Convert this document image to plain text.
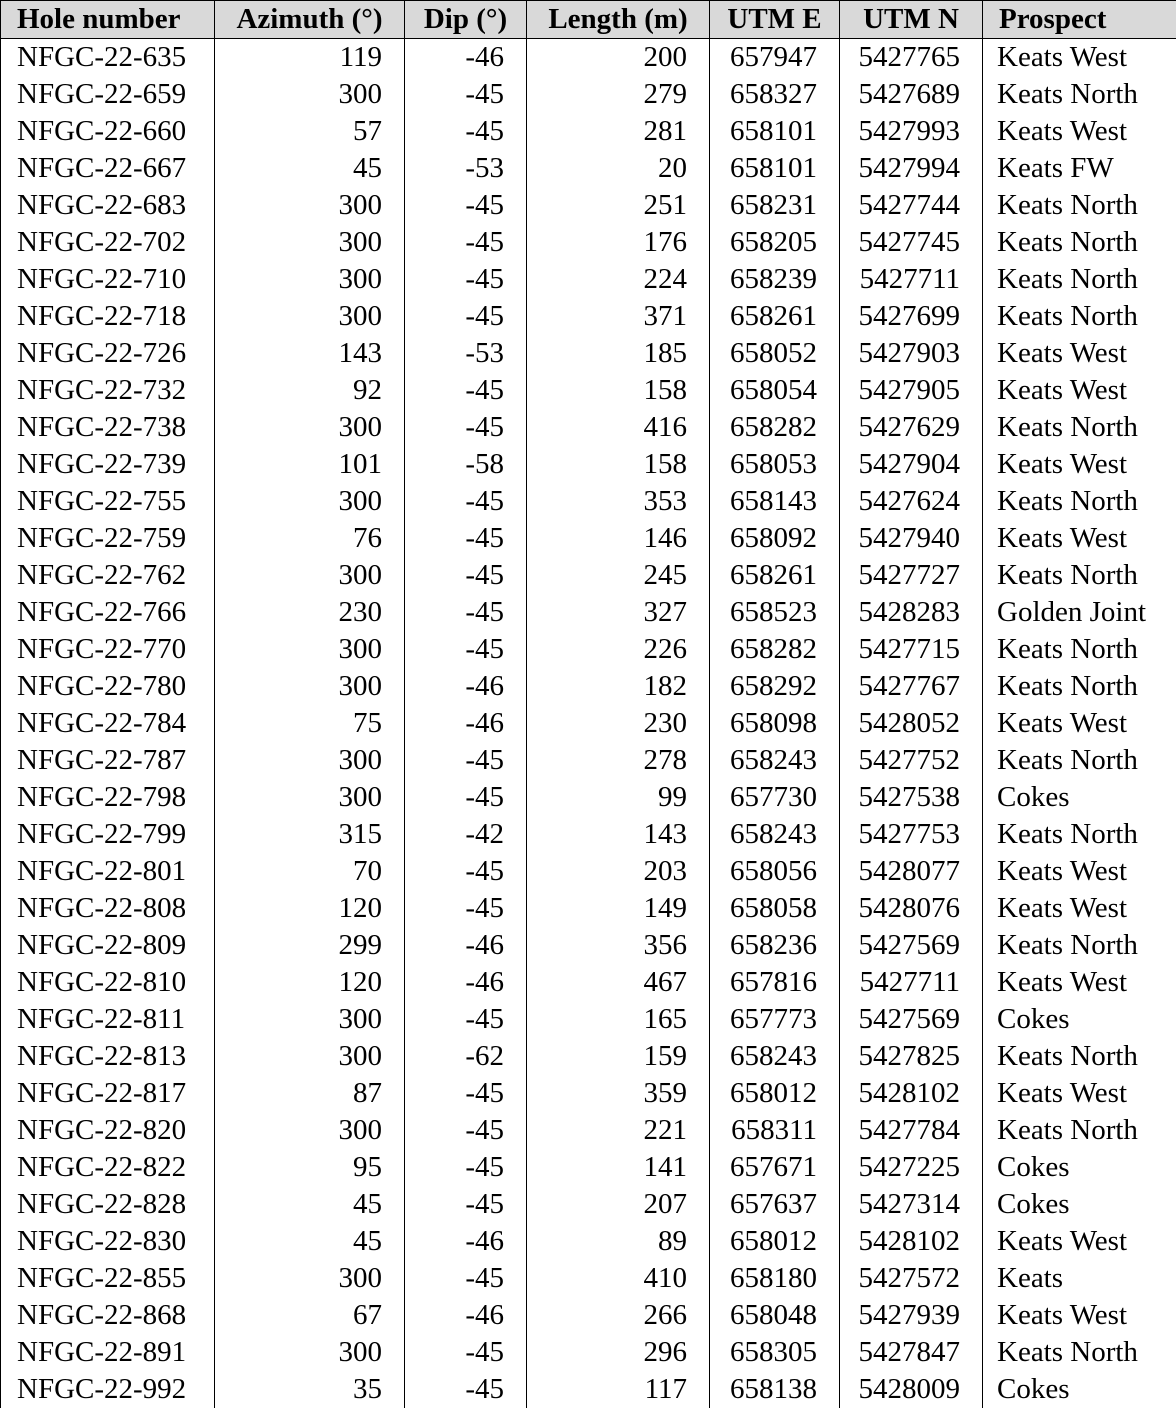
Hole number	Azimuth (°)	Dip (°)	Length (m)	UTM E	UTM N	Prospect
NFGC-22-635	119	-46	200	657947	5427765	Keats West
NFGC-22-659	300	-45	279	658327	5427689	Keats North
NFGC-22-660	57	-45	281	658101	5427993	Keats West
NFGC-22-667	45	-53	20	658101	5427994	Keats FW
NFGC-22-683	300	-45	251	658231	5427744	Keats North
NFGC-22-702	300	-45	176	658205	5427745	Keats North
NFGC-22-710	300	-45	224	658239	5427711	Keats North
NFGC-22-718	300	-45	371	658261	5427699	Keats North
NFGC-22-726	143	-53	185	658052	5427903	Keats West
NFGC-22-732	92	-45	158	658054	5427905	Keats West
NFGC-22-738	300	-45	416	658282	5427629	Keats North
NFGC-22-739	101	-58	158	658053	5427904	Keats West
NFGC-22-755	300	-45	353	658143	5427624	Keats North
NFGC-22-759	76	-45	146	658092	5427940	Keats West
NFGC-22-762	300	-45	245	658261	5427727	Keats North
NFGC-22-766	230	-45	327	658523	5428283	Golden Joint
NFGC-22-770	300	-45	226	658282	5427715	Keats North
NFGC-22-780	300	-46	182	658292	5427767	Keats North
NFGC-22-784	75	-46	230	658098	5428052	Keats West
NFGC-22-787	300	-45	278	658243	5427752	Keats North
NFGC-22-798	300	-45	99	657730	5427538	Cokes
NFGC-22-799	315	-42	143	658243	5427753	Keats North
NFGC-22-801	70	-45	203	658056	5428077	Keats West
NFGC-22-808	120	-45	149	658058	5428076	Keats West
NFGC-22-809	299	-46	356	658236	5427569	Keats North
NFGC-22-810	120	-46	467	657816	5427711	Keats West
NFGC-22-811	300	-45	165	657773	5427569	Cokes
NFGC-22-813	300	-62	159	658243	5427825	Keats North
NFGC-22-817	87	-45	359	658012	5428102	Keats West
NFGC-22-820	300	-45	221	658311	5427784	Keats North
NFGC-22-822	95	-45	141	657671	5427225	Cokes
NFGC-22-828	45	-45	207	657637	5427314	Cokes
NFGC-22-830	45	-46	89	658012	5428102	Keats West
NFGC-22-855	300	-45	410	658180	5427572	Keats
NFGC-22-868	67	-46	266	658048	5427939	Keats West
NFGC-22-891	300	-45	296	658305	5427847	Keats North
NFGC-22-992	35	-45	117	658138	5428009	Cokes
